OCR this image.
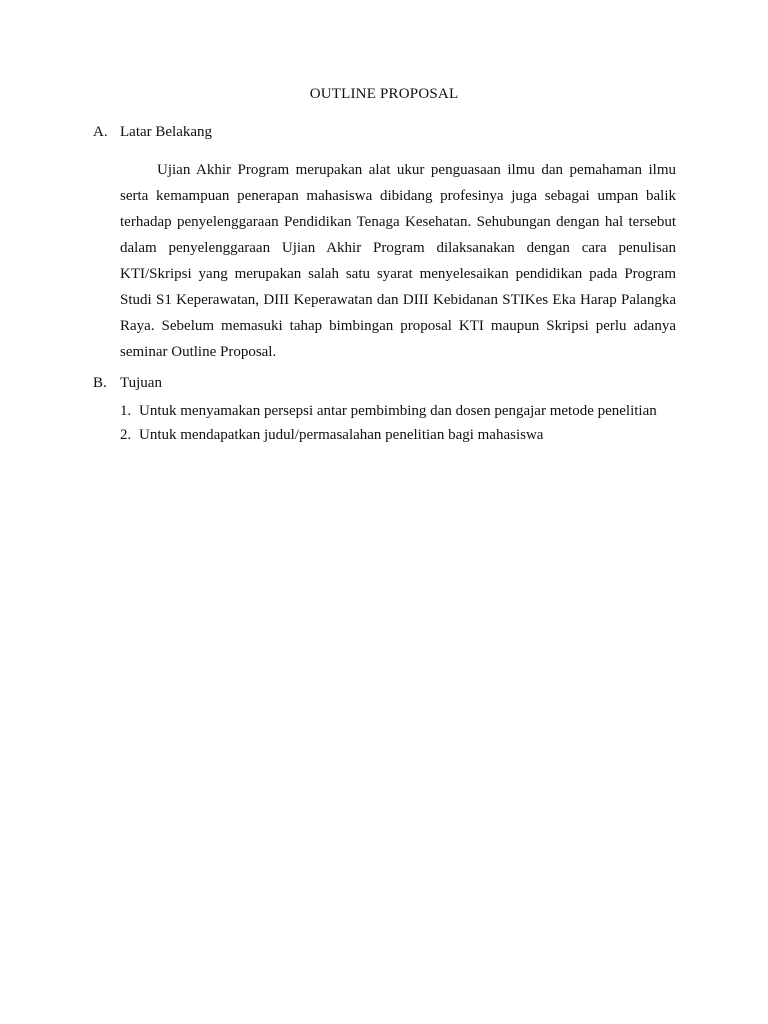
OUTLINE PROPOSAL
A. Latar Belakang

Ujian Akhir Program merupakan alat ukur penguasaan ilmu dan pemahaman ilmu serta kemampuan penerapan mahasiswa dibidang profesinya juga sebagai umpan balik terhadap penyelenggaraan Pendidikan Tenaga Kesehatan. Sehubungan dengan hal tersebut dalam penyelenggaraan Ujian Akhir Program dilaksanakan dengan cara penulisan KTI/Skripsi yang merupakan salah satu syarat menyelesaikan pendidikan pada Program Studi S1 Keperawatan, DIII Keperawatan dan DIII Kebidanan STIKes Eka Harap Palangka Raya. Sebelum memasuki tahap bimbingan proposal KTI maupun Skripsi perlu adanya seminar Outline Proposal.

B. Tujuan
1. Untuk menyamakan persepsi antar pembimbing dan dosen pengajar metode penelitian
2. Untuk mendapatkan judul/permasalahan penelitian bagi mahasiswa
